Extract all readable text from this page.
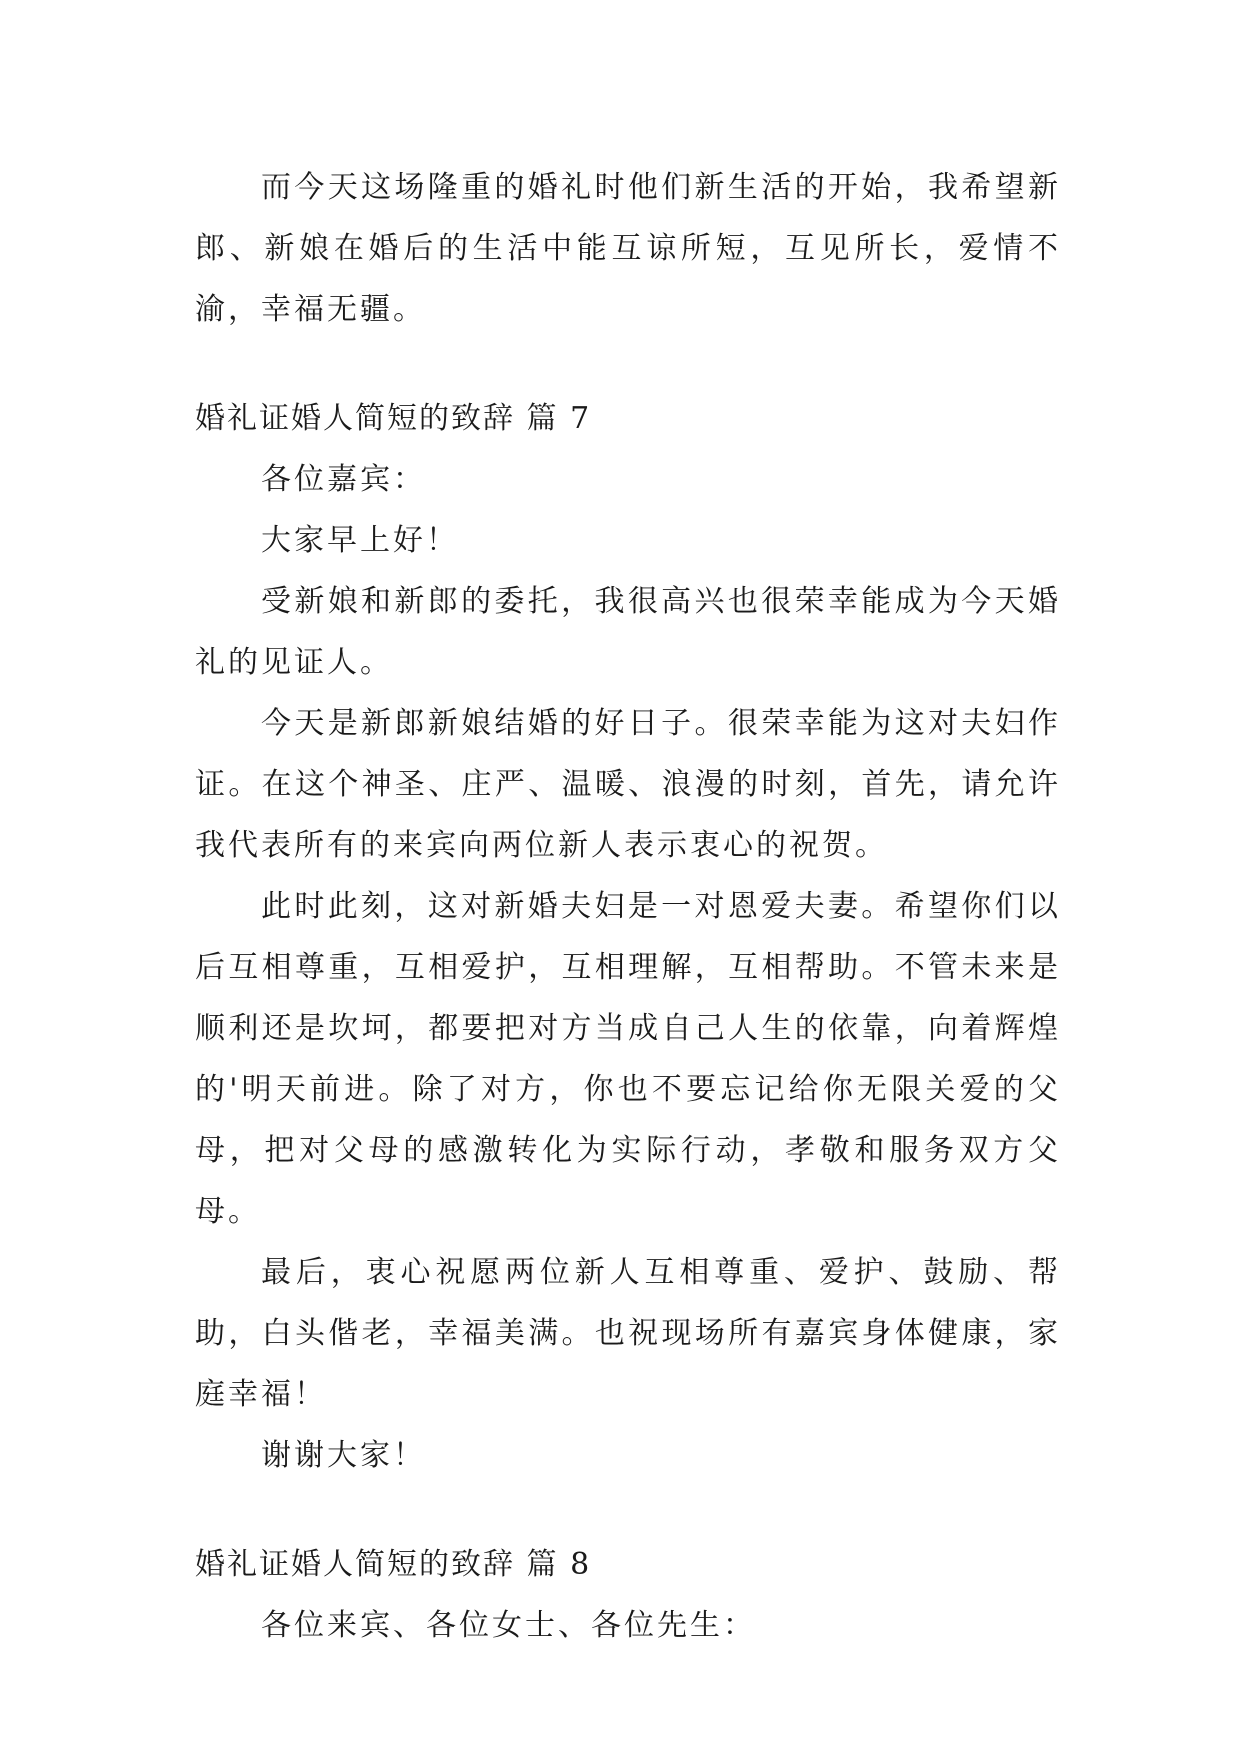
而今天这场隆重的婚礼时他们新生活的开始，我希望新郎、新娘在婚后的生活中能互谅所短，互见所长，爱情不渝，幸福无疆。

婚礼证婚人简短的致辞 篇 7

各位嘉宾：

大家早上好！

受新娘和新郎的委托，我很高兴也很荣幸能成为今天婚礼的见证人。

今天是新郎新娘结婚的好日子。很荣幸能为这对夫妇作证。在这个神圣、庄严、温暖、浪漫的时刻，首先，请允许我代表所有的来宾向两位新人表示衷心的祝贺。

此时此刻，这对新婚夫妇是一对恩爱夫妻。希望你们以后互相尊重，互相爱护，互相理解，互相帮助。不管未来是顺利还是坎坷，都要把对方当成自己人生的依靠，向着辉煌的'明天前进。除了对方，你也不要忘记给你无限关爱的父母，把对父母的感激转化为实际行动，孝敬和服务双方父母。

最后，衷心祝愿两位新人互相尊重、爱护、鼓励、帮助，白头偕老，幸福美满。也祝现场所有嘉宾身体健康，家庭幸福！

谢谢大家！

婚礼证婚人简短的致辞 篇 8

各位来宾、各位女士、各位先生：
